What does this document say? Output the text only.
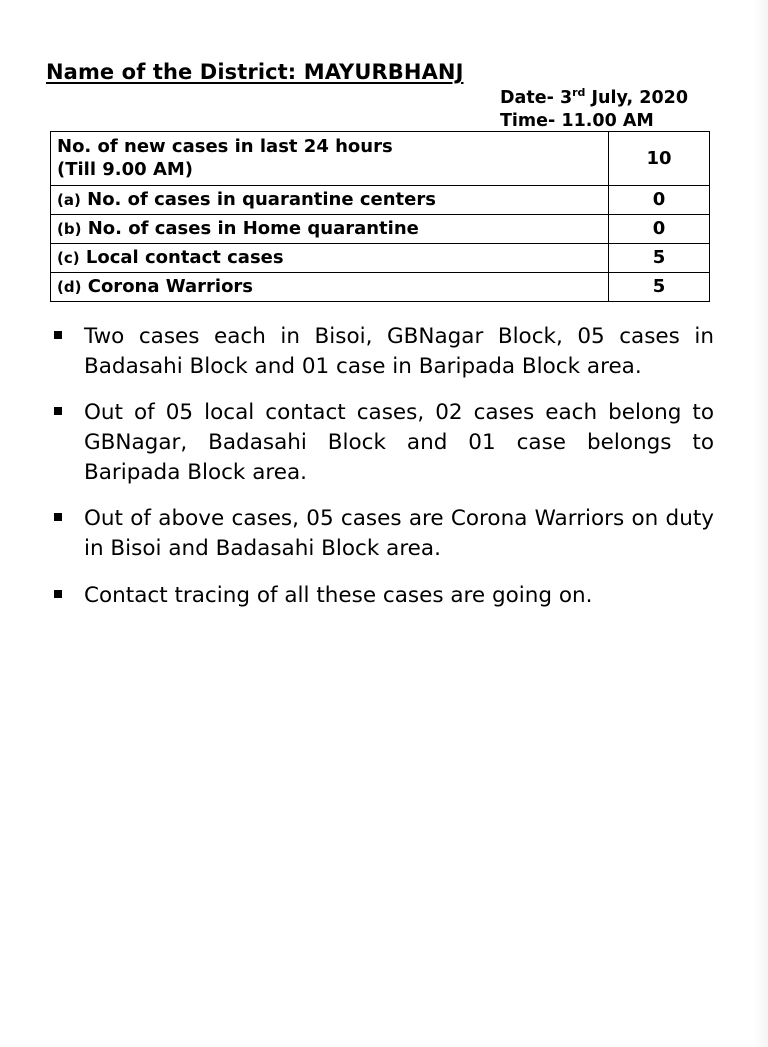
Name of the District: MAYURBHANJ
Date- 3rd July, 2020
Time- 11.00 AM
No. of new cases in last 24 hours
(Till 9.00 AM)	10
(a) No. of cases in quarantine centers	0
(b) No. of cases in Home quarantine	0
(c) Local contact cases	5
(d) Corona Warriors	5
Two cases each in Bisoi, GBNagar Block, 05 cases in Badasahi Block and 01 case in Baripada Block area.
Out of 05 local contact cases, 02 cases each belong to GBNagar, Badasahi Block and 01 case belongs to Baripada Block area.
Out of above cases, 05 cases are Corona Warriors on duty in Bisoi and Badasahi Block area.
Contact tracing of all these cases are going on.
